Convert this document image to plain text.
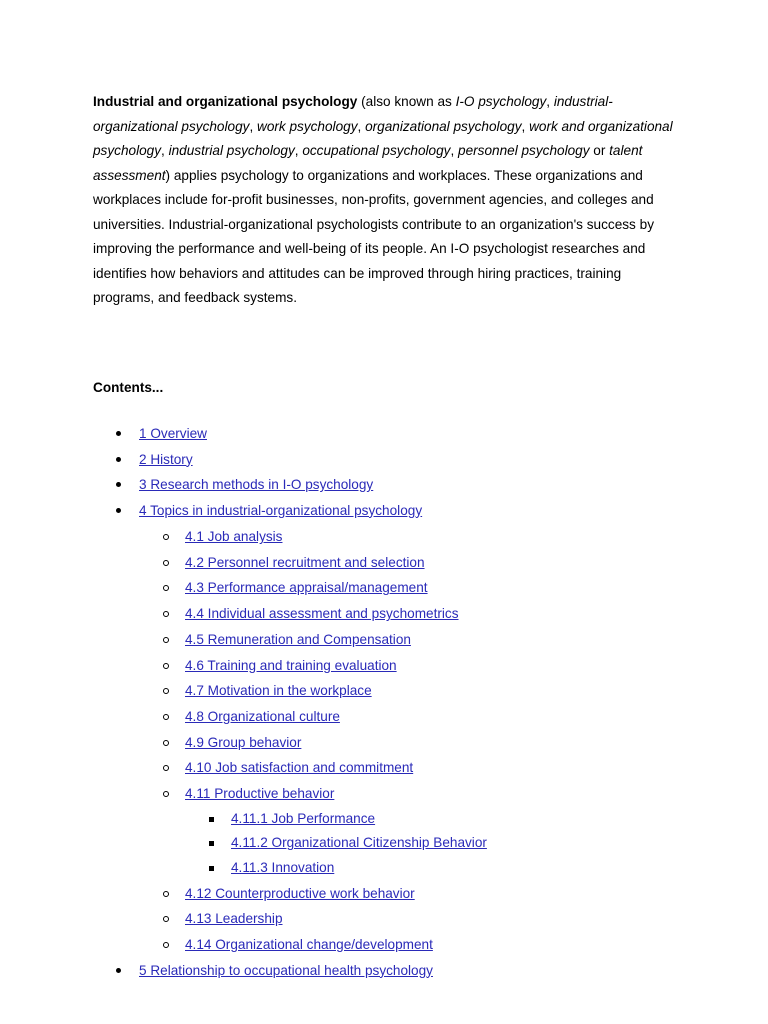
Industrial and organizational psychology (also known as I-O psychology, industrial-organizational psychology, work psychology, organizational psychology, work and organizational psychology, industrial psychology, occupational psychology, personnel psychology or talent assessment) applies psychology to organizations and workplaces. These organizations and workplaces include for-profit businesses, non-profits, government agencies, and colleges and universities. Industrial-organizational psychologists contribute to an organization's success by improving the performance and well-being of its people. An I-O psychologist researches and identifies how behaviors and attitudes can be improved through hiring practices, training programs, and feedback systems.

Contents...

1 Overview
2 History
3 Research methods in I-O psychology
4 Topics in industrial-organizational psychology
4.1 Job analysis
4.2 Personnel recruitment and selection
4.3 Performance appraisal/management
4.4 Individual assessment and psychometrics
4.5 Remuneration and Compensation
4.6 Training and training evaluation
4.7 Motivation in the workplace
4.8 Organizational culture
4.9 Group behavior
4.10 Job satisfaction and commitment
4.11 Productive behavior
4.11.1 Job Performance
4.11.2 Organizational Citizenship Behavior
4.11.3 Innovation
4.12 Counterproductive work behavior
4.13 Leadership
4.14 Organizational change/development
5 Relationship to occupational health psychology
